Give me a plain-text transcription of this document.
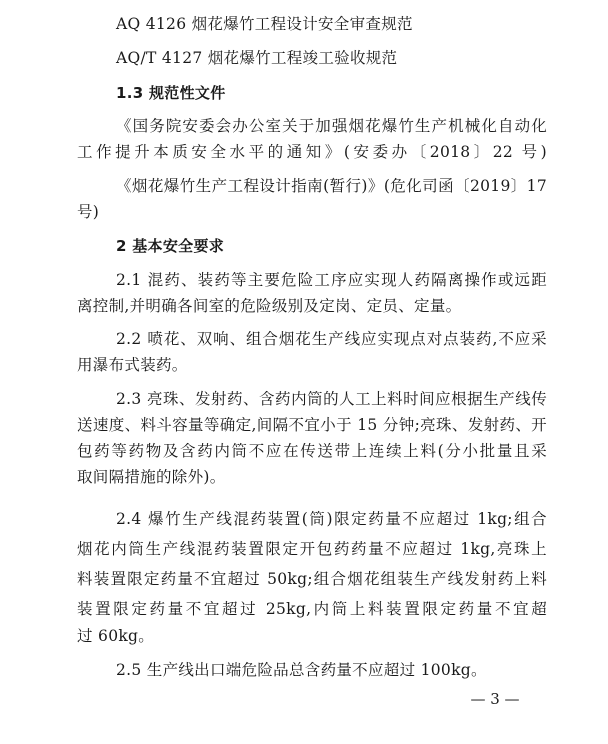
AQ 4126 烟花爆竹工程设计安全审查规范
AQ/T 4127 烟花爆竹工程竣工验收规范
1.3 规范性文件
《国务院安委会办公室关于加强烟花爆竹生产机械化自动化
工作提升本质安全水平的通知》(安委办〔2018〕22 号)
《烟花爆竹生产工程设计指南(暂行)》(危化司函〔2019〕17
号)
2 基本安全要求
2.1 混药、装药等主要危险工序应实现人药隔离操作或远距
离控制,并明确各间室的危险级别及定岗、定员、定量。
2.2 喷花、双响、组合烟花生产线应实现点对点装药,不应采
用瀑布式装药。
2.3 亮珠、发射药、含药内筒的人工上料时间应根据生产线传
送速度、料斗容量等确定,间隔不宜小于 15 分钟;亮珠、发射药、开
包药等药物及含药内筒不应在传送带上连续上料(分小批量且采
取间隔措施的除外)。
2.4 爆竹生产线混药装置(筒)限定药量不应超过 1kg;组合
烟花内筒生产线混药装置限定开包药药量不应超过 1kg,亮珠上
料装置限定药量不宜超过 50kg;组合烟花组装生产线发射药上料
装置限定药量不宜超过 25kg,内筒上料装置限定药量不宜超
过 60kg。
2.5 生产线出口端危险品总含药量不应超过 100kg。
— 3 —
